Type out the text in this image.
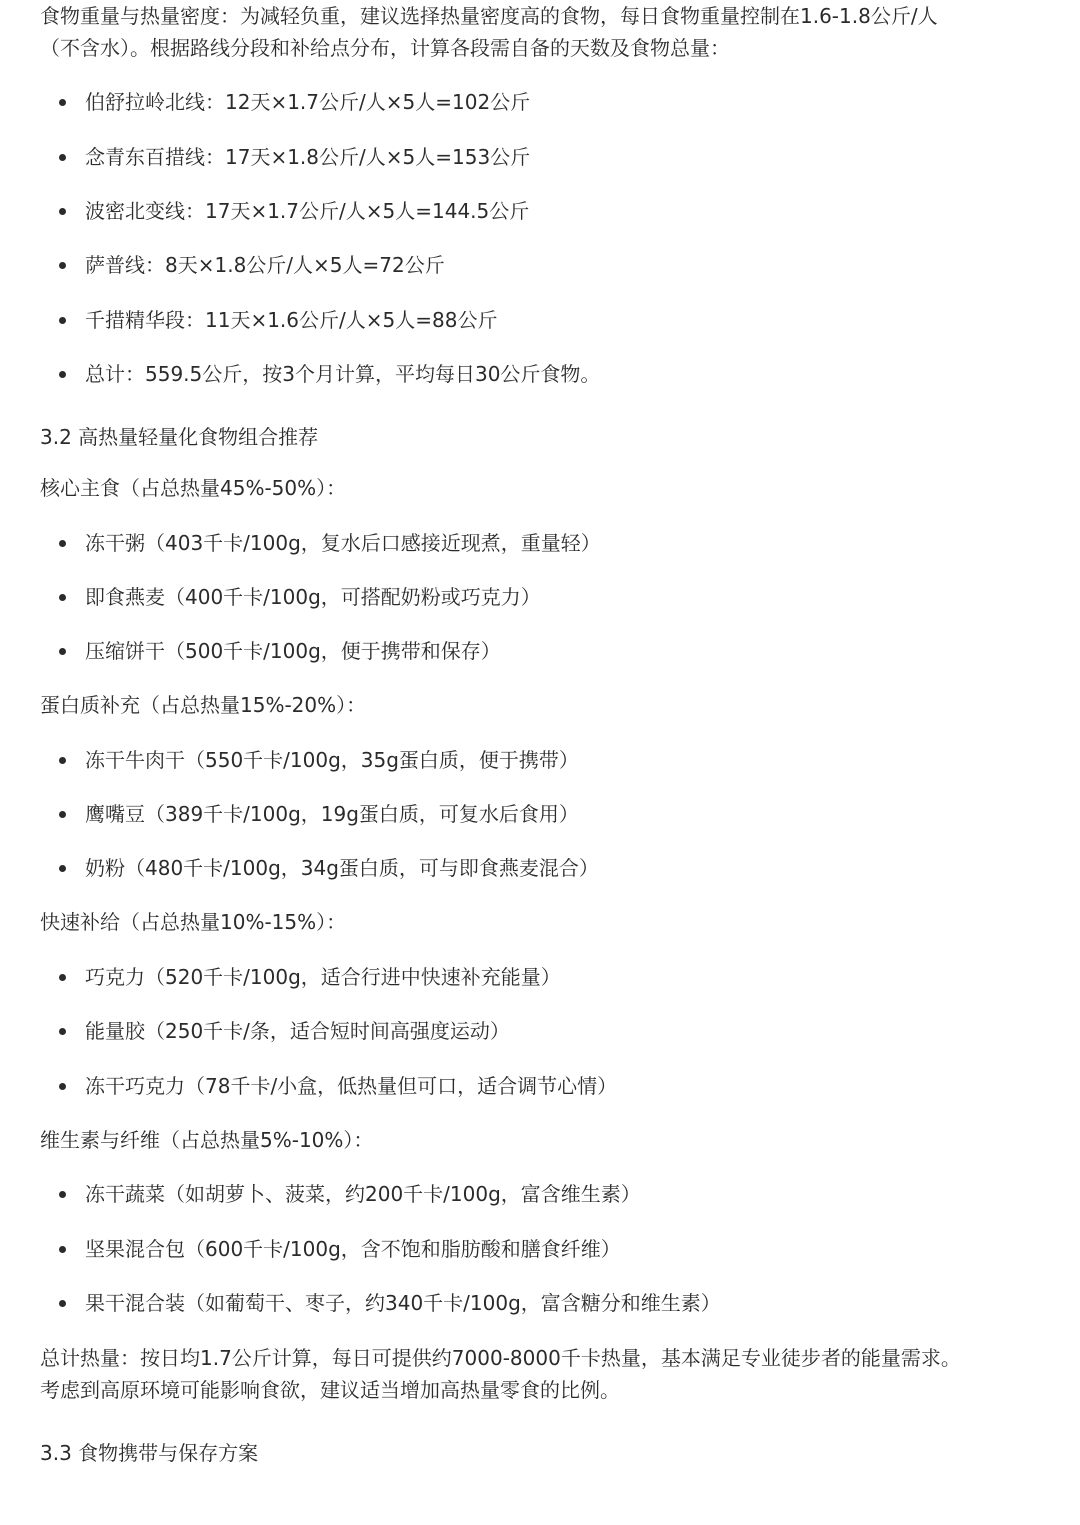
食物重量与热量密度：为减轻负重，建议选择热量密度高的食物，每日食物重量控制在1.6-1.8公斤/人

（不含水）。根据路线分段和补给点分布，计算各段需自备的天数及食物总量：

伯舒拉岭北线：12天×1.7公斤/人×5人=102公斤
念青东百措线：17天×1.8公斤/人×5人=153公斤
波密北变线：17天×1.7公斤/人×5人=144.5公斤
萨普线：8天×1.8公斤/人×5人=72公斤
千措精华段：11天×1.6公斤/人×5人=88公斤
总计：559.5公斤，按3个月计算，平均每日30公斤食物。
3.2 高热量轻量化食物组合推荐

核心主食（占总热量45%-50%）：

冻干粥（403千卡/100g，复水后口感接近现煮，重量轻）
即食燕麦（400千卡/100g，可搭配奶粉或巧克力）
压缩饼干（500千卡/100g，便于携带和保存）

蛋白质补充（占总热量15%-20%）：

冻干牛肉干（550千卡/100g，35g蛋白质，便于携带）
鹰嘴豆（389千卡/100g，19g蛋白质，可复水后食用）
奶粉（480千卡/100g，34g蛋白质，可与即食燕麦混合）

快速补给（占总热量10%-15%）：

巧克力（520千卡/100g，适合行进中快速补充能量）
能量胶（250千卡/条，适合短时间高强度运动）
冻干巧克力（78千卡/小盒，低热量但可口，适合调节心情）

维生素与纤维（占总热量5%-10%）：

冻干蔬菜（如胡萝卜、菠菜，约200千卡/100g，富含维生素）
坚果混合包（600千卡/100g，含不饱和脂肪酸和膳食纤维）
果干混合装（如葡萄干、枣子，约340千卡/100g，富含糖分和维生素）

总计热量：按日均1.7公斤计算，每日可提供约7000-8000千卡热量，基本满足专业徒步者的能量需求。

考虑到高原环境可能影响食欲，建议适当增加高热量零食的比例。

3.3 食物携带与保存方案
